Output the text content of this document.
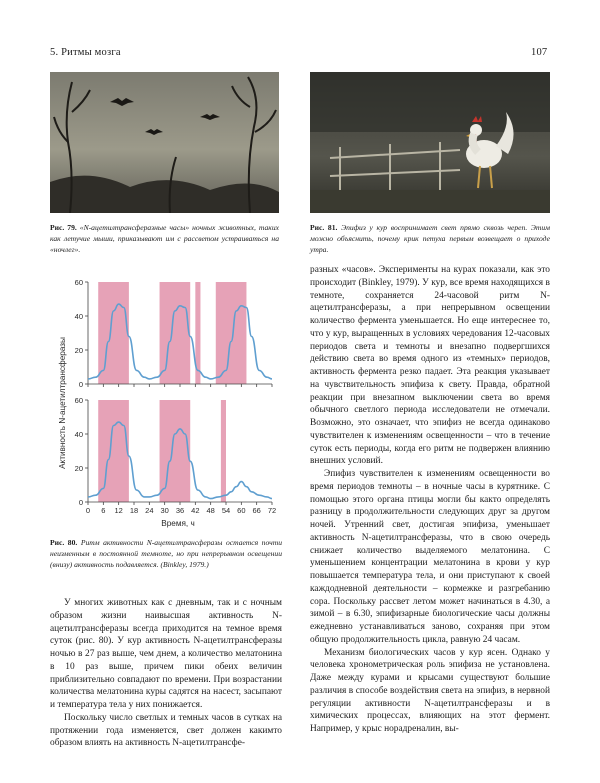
5. Ритмы мозга	107
Рис. 79. «N-ацетилтрансферазные часы» ночных животных, таких как летучие мыши, приказывают им с рассветом устраиваться на «ночлег».
Рис. 81. Эпифиз у кур воспринимает свет прямо сквозь череп. Этим можно объяснить, почему крик петуха первым возвещает о приходе утра.
0
20
40
60
0
20
40
60
0 6 12 18 24 30 36 42 48 54 60 66 72
Активность N-ацетилтрансферазы
Время, ч
Рис. 80. Ритм активности N-ацетилтрансферазы остается почти неизменным в постоянной темноте, но при непрерывном освещении (внизу) активность подавляется. (Binkley, 1979.)

У многих животных как с дневным, так и с ночным образом жизни наивысшая активность N-ацетилтрансферазы всегда приходится на темное время суток (рис. 80). У кур активность N-ацетилтрансферазы ночью в 27 раз выше, чем днем, а количество мелатонина в 10 раз выше, причем пики обеих величин приблизительно совпадают по времени. При возрастании количества мелатонина куры садятся на насест, засыпают и температура тела у них понижается.

Поскольку число светлых и темных часов в сутках на протяжении года изменяется, свет должен какимто образом влиять на активность N-ацетилтрансфе-

разных «часов». Эксперименты на курах показали, как это происходит (Binkley, 1979). У кур, все время находящихся в темноте, сохраняется 24-часовой ритм N-ацетилтрансферазы, а при непрерывном освещении количество фермента уменьшается. Но еще интереснее то, что у кур, выращенных в условиях чередования 12-часовых периодов света и темноты и внезапно подвергшихся действию света во время одного из «темных» периодов, активность фермента резко падает. Эта реакция указывает на чувствительность эпифиза к свету. Правда, обратной реакции при внезапном выключении света во время обычного светлого периода исследователи не отмечали. Возможно, это означает, что эпифиз не всегда одинаково чувствителен к изменениям освещенности – что в течение суток есть периоды, когда его ритм не подвержен влиянию внешних условий.

Эпифиз чувствителен к изменениям освещенности во время периодов темноты – в ночные часы в курятнике. С помощью этого органа птицы могли бы както определять разницу в продолжительности следующих друг за другом ночей. Утренний свет, достигая эпифиза, уменьшает активность N-ацетилтрансферазы, что в свою очередь снижает количество выделяемого мелатонина. С уменьшением концентрации мелатонина в крови у кур повышается температура тела, и они приступают к своей каждодневной деятельности – кормежке и разгребанию сора. Поскольку рассвет летом может начинаться в 4.30, а зимой – в 6.30, эпифизарные биологические часы должны ежедневно устанавливаться заново, сохраняя при этом общую продолжительность цикла, равную 24 часам.

Механизм биологических часов у кур ясен. Однако у человека хронометрическая роль эпифиза не установлена. Даже между курами и крысами существуют большие различия в способе воздействия света на эпифиз, в нервной регуляции активности N-ацетилтрансферазы и в химических процессах, влияющих на этот фермент. Например, у крыс норадреналин, вы-
